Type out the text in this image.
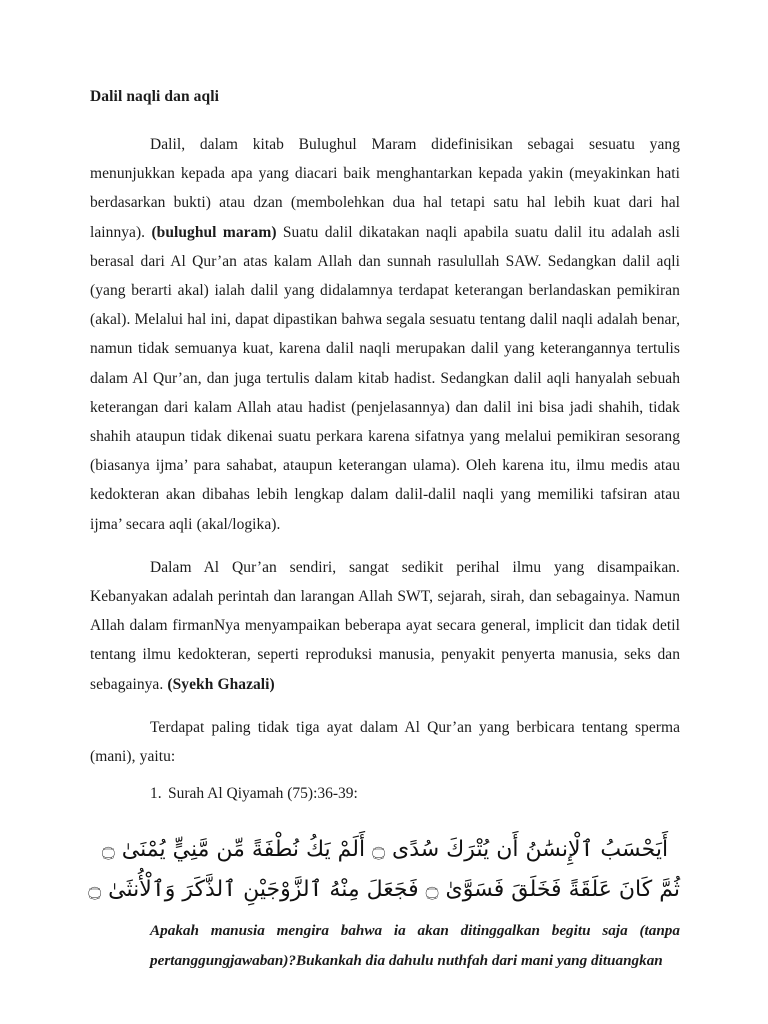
Dalil naqli dan aqli

Dalil, dalam kitab Bulughul Maram didefinisikan sebagai sesuatu yang menunjukkan kepada apa yang diacari baik menghantarkan kepada yakin (meyakinkan hati berdasarkan bukti) atau dzan (membolehkan dua hal tetapi satu hal lebih kuat dari hal lainnya). (bulughul maram) Suatu dalil dikatakan naqli apabila suatu dalil itu adalah asli berasal dari Al Qur’an atas kalam Allah dan sunnah rasulullah SAW. Sedangkan dalil aqli (yang berarti akal) ialah dalil yang didalamnya terdapat keterangan berlandaskan pemikiran (akal). Melalui hal ini, dapat dipastikan bahwa segala sesuatu tentang dalil naqli adalah benar, namun tidak semuanya kuat, karena dalil naqli merupakan dalil yang keterangannya tertulis dalam Al Qur’an, dan juga tertulis dalam kitab hadist. Sedangkan dalil aqli hanyalah sebuah keterangan dari kalam Allah atau hadist (penjelasannya) dan dalil ini bisa jadi shahih, tidak shahih ataupun tidak dikenai suatu perkara karena sifatnya yang melalui pemikiran sesorang (biasanya ijma’ para sahabat, ataupun keterangan ulama). Oleh karena itu, ilmu medis atau kedokteran akan dibahas lebih lengkap dalam dalil-dalil naqli yang memiliki tafsiran atau ijma’ secara aqli (akal/logika).

Dalam Al Qur’an sendiri, sangat sedikit perihal ilmu yang disampaikan. Kebanyakan adalah perintah dan larangan Allah SWT, sejarah, sirah, dan sebagainya. Namun Allah dalam firmanNya menyampaikan beberapa ayat secara general, implicit dan tidak detil tentang ilmu kedokteran, seperti reproduksi manusia, penyakit penyerta manusia, seks dan sebagainya. (Syekh Ghazali)

Terdapat paling tidak tiga ayat dalam Al Qur’an yang berbicara tentang sperma (mani), yaitu:

1. Surah Al Qiyamah (75):36-39:
أَيَحْسَبُ ٱلْإِنسَٰنُ أَن يُتْرَكَ سُدًى ۝ أَلَمْ يَكُ نُطْفَةً مِّن مَّنِيٍّ يُمْنَىٰ ۝
ثُمَّ كَانَ عَلَقَةً فَخَلَقَ فَسَوَّىٰ ۝ فَجَعَلَ مِنْهُ ٱلزَّوْجَيْنِ ٱلذَّكَرَ وَٱلْأُنثَىٰ ۝

Apakah manusia mengira bahwa ia akan ditinggalkan begitu saja (tanpa pertanggungjawaban)?Bukankah dia dahulu nuthfah dari mani yang dituangkan
